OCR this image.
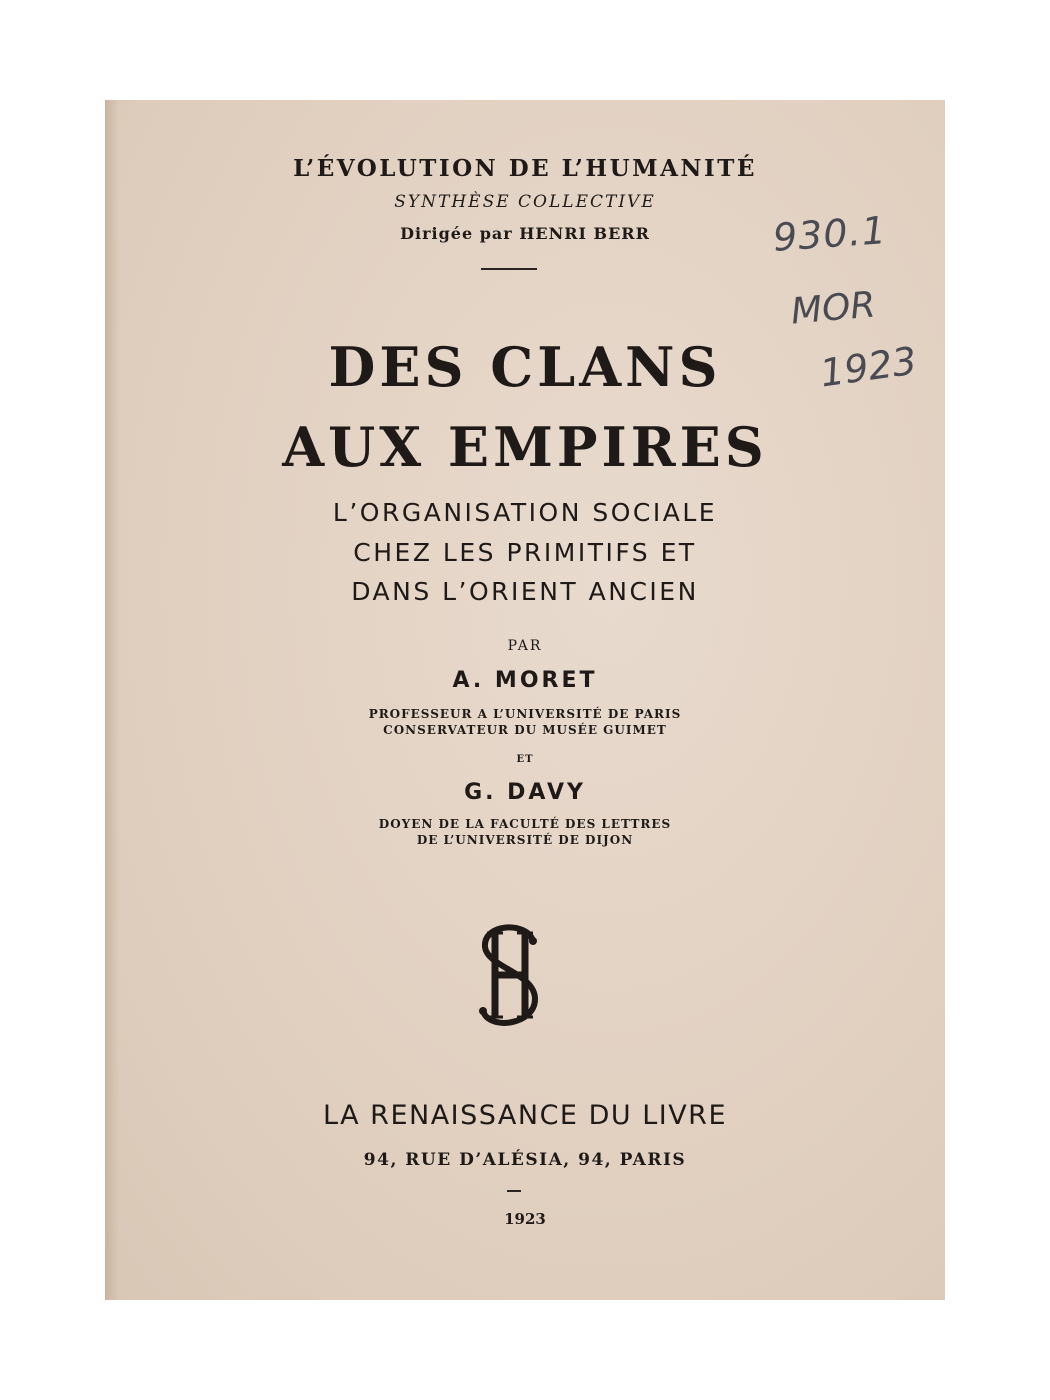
L’ÉVOLUTION DE L’HUMANITÉ
SYNTHÈSE COLLECTIVE
Dirigée par HENRI BERR
DES CLANS
AUX EMPIRES
L’ORGANISATION SOCIALE
CHEZ LES PRIMITIFS ET
DANS L’ORIENT ANCIEN
PAR
A. MORET
PROFESSEUR A L’UNIVERSITÉ DE PARIS
CONSERVATEUR DU MUSÉE GUIMET
ET
G. DAVY
DOYEN DE LA FACULTÉ DES LETTRES
DE L’UNIVERSITÉ DE DIJON
LA RENAISSANCE DU LIVRE
94, RUE D’ALÉSIA, 94, PARIS
1923
930.1
MOR
1923
